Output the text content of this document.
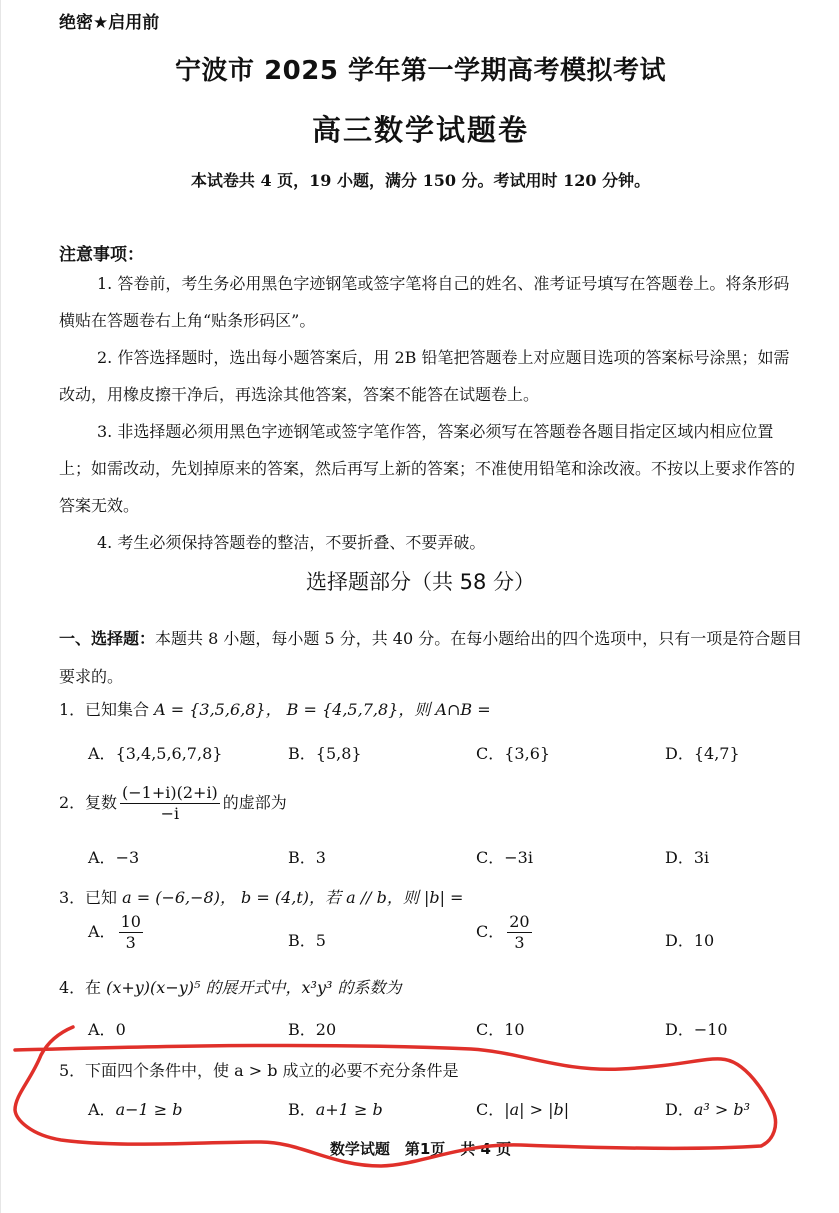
绝密★启用前
宁波市 2025 学年第一学期高考模拟考试
高三数学试题卷
本试卷共 4 页，19 小题，满分 150 分。考试用时 120 分钟。
注意事项：
1. 答卷前，考生务必用黑色字迹钢笔或签字笔将自己的姓名、准考证号填写在答题卷上。将条形码横贴在答题卷右上角“贴条形码区”。
2. 作答选择题时，选出每小题答案后，用 2B 铅笔把答题卷上对应题目选项的答案标号涂黑；如需改动，用橡皮擦干净后，再选涂其他答案，答案不能答在试题卷上。
3. 非选择题必须用黑色字迹钢笔或签字笔作答，答案必须写在答题卷各题目指定区域内相应位置上；如需改动，先划掉原来的答案，然后再写上新的答案；不准使用铅笔和涂改液。不按以上要求作答的答案无效。
4. 考生必须保持答题卷的整洁，不要折叠、不要弄破。
选择题部分（共 58 分）
一、选择题：本题共 8 小题，每小题 5 分，共 40 分。在每小题给出的四个选项中，只有一项是符合题目要求的。
1．已知集合 A = {3,5,6,8}， B = {4,5,7,8}，则 A∩B =
A．{3,4,5,6,7,8}	B．{5,8}	C．{3,6}	D．{4,7}
2．复数 $\frac{(-1+i)(2+i)}{-i}$ 的虚部为
A．−3	B．3	C．−3i	D．3i
3．已知 a = (−6,−8)， b = (4,t)，若 a // b，则 |b| =
A． $\frac{10}{3}$	B．5	C． $\frac{20}{3}$	D．10
4．在 (x+y)(x−y)⁵ 的展开式中，x³y³ 的系数为
A．0	B．20	C．10	D．−10
5．下面四个条件中，使 a > b 成立的必要不充分条件是
A．a−1 ≥ b	B．a+1 ≥ b	C．|a| > |b|	D．a³ > b³
数学试题　第1页　共 4 页
